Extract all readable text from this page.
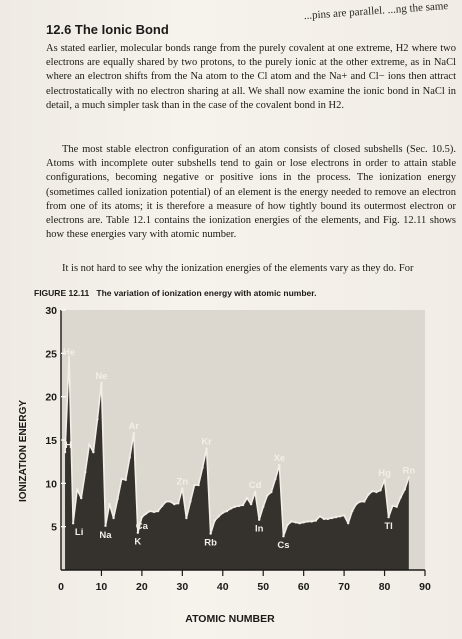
...pins are parallel. ...ng the same
12.6 The Ionic Bond
As stated earlier, molecular bonds range from the purely covalent at one extreme, H2 where two electrons are equally shared by two protons, to the purely ionic at the other extreme, as in NaCl where an electron shifts from the Na atom to the Cl atom and the Na+ and Cl− ions then attract electrostatically with no electron sharing at all. We shall now examine the ionic bond in NaCl in detail, a much simpler task than in the case of the covalent bond in H2.
The most stable electron configuration of an atom consists of closed subshells (Sec. 10.5). Atoms with incomplete outer subshells tend to gain or lose electrons in order to attain stable configurations, becoming negative or positive ions in the process. The ionization energy (sometimes called ionization potential) of an element is the energy needed to remove an electron from one of its atoms; it is therefore a measure of how tightly bound its outermost electron or electrons are. Table 12.1 contains the ionization energies of the elements, and Fig. 12.11 shows how these energies vary with atomic number.
It is not hard to see why the ionization energies of the elements vary as they do. For
FIGURE 12.11 The variation of ionization energy with atomic number.
5
10
15
20
25
30
0	10	20	30	40	50	60	70	80	90
He
H
Li
Ne
Na
Ar
K
Ca
Zn
Kr
Rb
Cd
In
Xe
Cs
Hg
Tl
Rn
IONIZATION ENERGY
ATOMIC NUMBER
